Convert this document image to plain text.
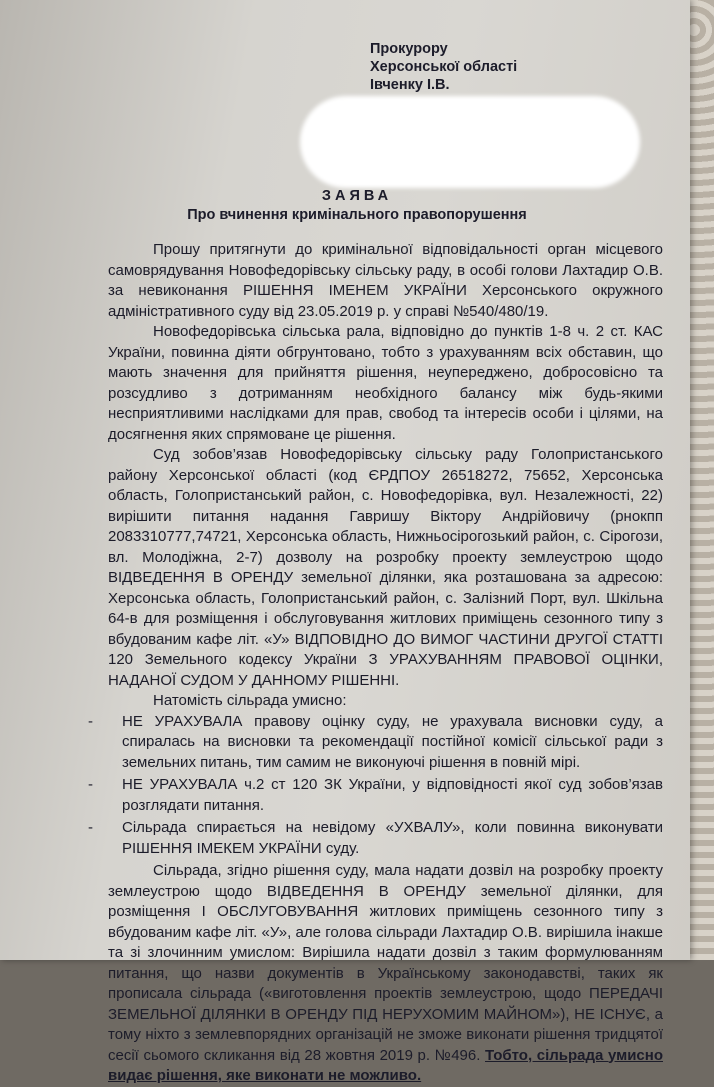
Прокурору
Херсонської області
Івченку І.В.
ЗАЯВА
Про вчинення кримінального правопорушення

Прошу притягнути до кримінальної відповідальності орган місцевого самоврядування Новофедорівську сільську раду, в особі голови Лахтадир О.В. за невиконання РІШЕННЯ ІМЕНЕМ УКРАЇНИ Херсонського окружного адміністративного суду від 23.05.2019 р. у справі №540/480/19.

Новофедорівська сільська рала, відповідно до пунктів 1-8 ч. 2 ст. КАС України, повинна діяти обгрунтовано, тобто з урахуванням всіх обставин, що мають значення для прийняття рішення, неупереджено, добросовісно та розсудливо з дотриманням необхідного балансу між будь-якими несприятливими наслідками для прав, свобод та інтересів особи і цілями, на досягнення яких спрямоване це рішення.

Суд зобов’язав Новофедорівську сільську раду Голопристанського району Херсонської області (код ЄРДПОУ 26518272, 75652, Херсонська область, Голопристанський район, с. Новофедорівка, вул. Незалежності, 22) вирішити питання надання Гавришу Віктору Андрійовичу (рнокпп 2083310777,74721, Херсонська область, Нижньосірогозький район, с. Сірогози, вл. Молодіжна, 2-7) дозволу на розробку проекту землеустрою щодо ВІДВЕДЕННЯ В ОРЕНДУ земельної ділянки, яка розташована за адресою: Херсонська область, Голопристанський район, с. Залізний Порт, вул. Шкільна 64-в для розміщення і обслуговування житлових приміщень сезонного типу з вбудованим кафе літ. «У» ВІДПОВІДНО ДО ВИМОГ ЧАСТИНИ ДРУГОЇ СТАТТІ 120 Земельного кодексу України З УРАХУВАННЯМ ПРАВОВОЇ ОЦІНКИ, НАДАНОЇ СУДОМ У ДАННОМУ РІШЕННІ.

Натомість сільрада умисно:

- НЕ УРАХУВАЛА правову оцінку суду, не урахувала висновки суду, а спиралась на висновки та рекомендації постійної комісії сільської ради з земельних питань, тим самим не виконуючі рішення в повній мірі.
- НЕ УРАХУВАЛА ч.2 ст 120 ЗК України, у відповідності якої суд зобов’язав розглядати питання.
- Сільрада спирається на невідому «УХВАЛУ», коли повинна виконувати РІШЕННЯ ІМЕКЕМ УКРАЇНИ суду.

Сільрада, згідно рішення суду, мала надати дозвіл на розробку проекту землеустрою щодо ВІДВЕДЕННЯ В ОРЕНДУ земельної ділянки, для розміщення І ОБСЛУГОВУВАННЯ житлових приміщень сезонного типу з вбудованим кафе літ. «У», але голова сільради Лахтадир О.В. вирішила інакше та зі злочинним умислом: Вирішила надати дозвіл з таким формулюванням питання, що назви документів в Українському законодавстві, таких як прописала сільрада («виготовлення проектів землеустрою, щодо ПЕРЕДАЧІ ЗЕМЕЛЬНОЇ ДІЛЯНКИ В ОРЕНДУ ПІД НЕРУХОМИМ МАЙНОМ»), НЕ ІСНУЄ, а тому ніхто з землевпорядних організацій не зможе виконати рішення тридцятої сесії сьомого скликання від 28 жовтня 2019 р. №496. Тобто, сільрада умисно видає рішення, яке виконати не можливо.
